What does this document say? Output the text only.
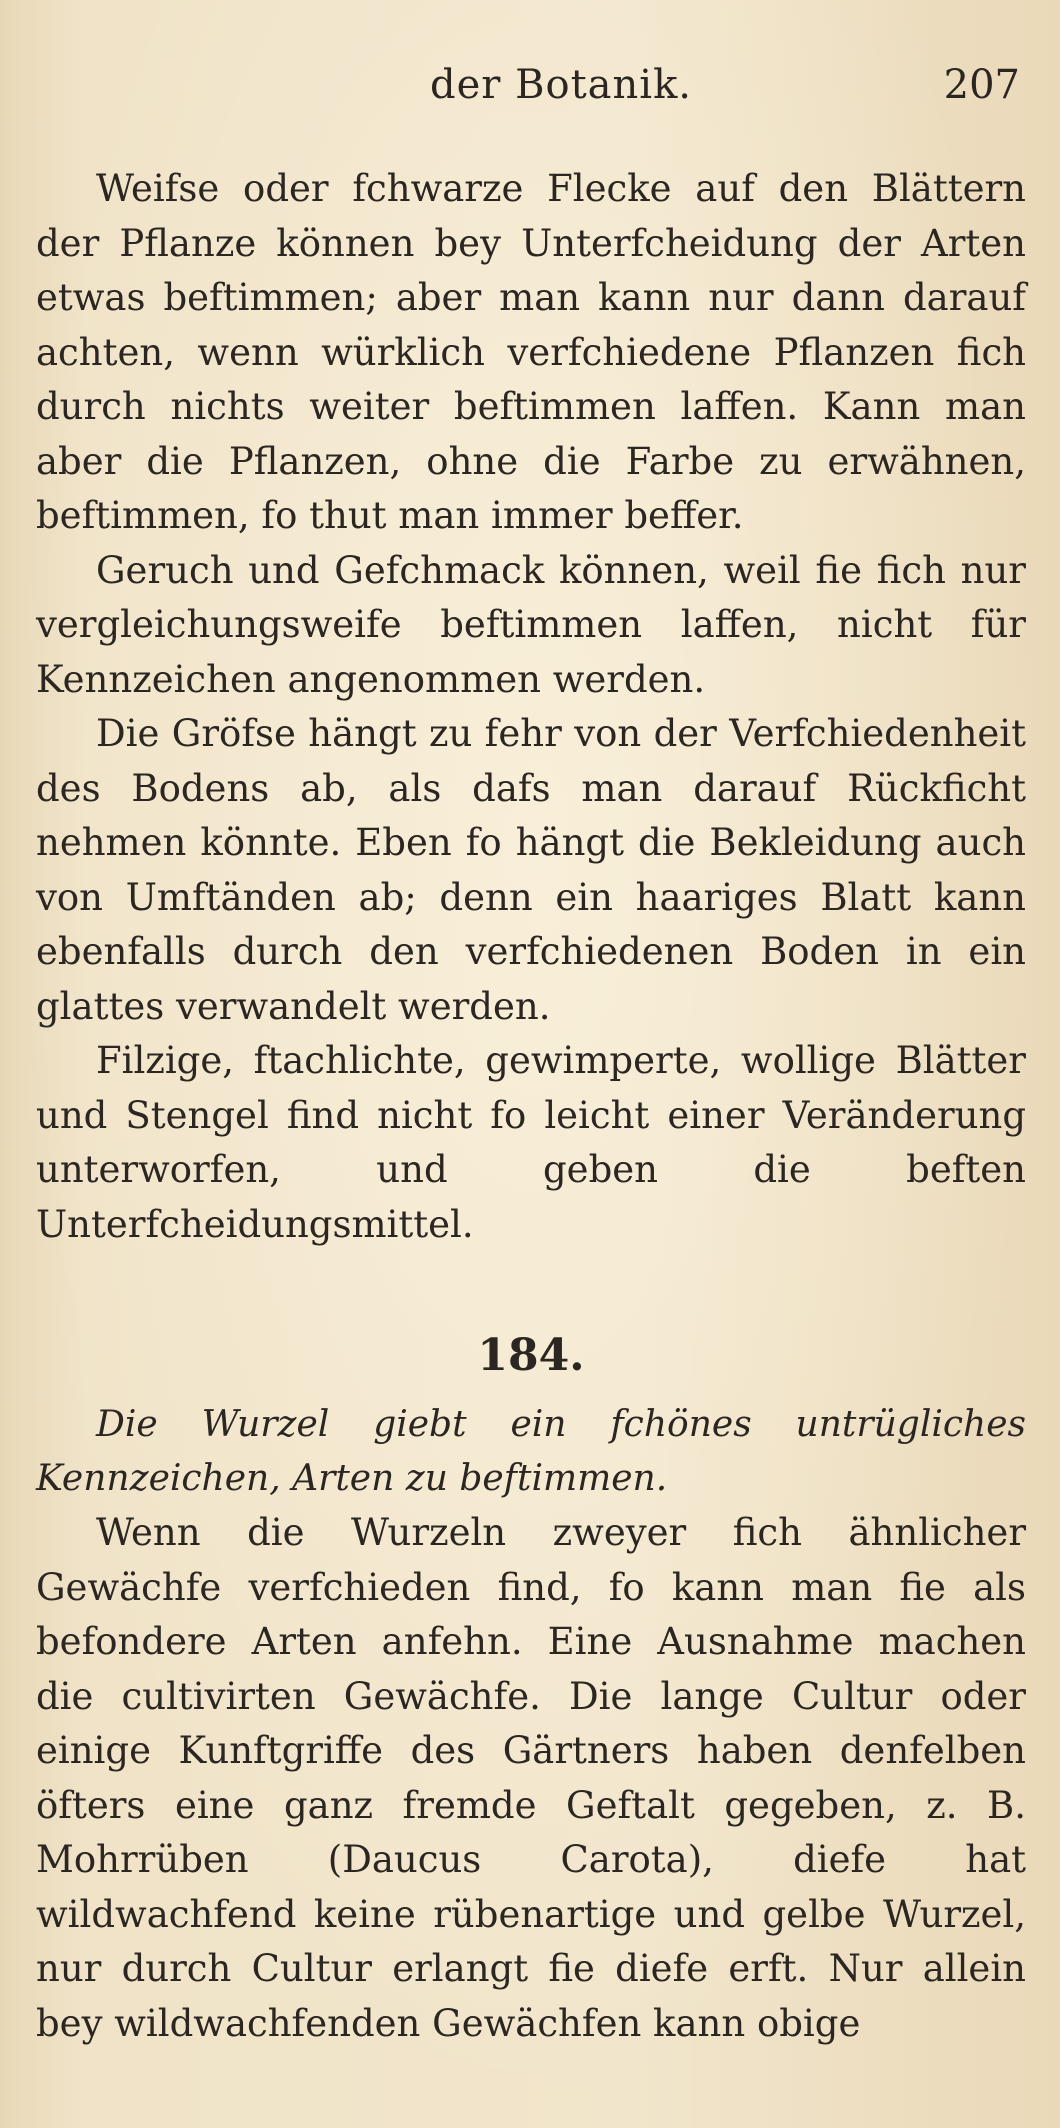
der Botanik.	207

Weifse oder fchwarze Flecke auf den Blättern der Pflanze können bey Unterfcheidung der Arten etwas beftimmen; aber man kann nur dann darauf achten, wenn würklich verfchiedene Pflanzen fich durch nichts weiter beftimmen laffen. Kann man aber die Pflanzen, ohne die Farbe zu erwähnen, beftimmen, fo thut man immer beffer.

Geruch und Gefchmack können, weil fie fich nur vergleichungsweife beftimmen laffen, nicht für Kennzeichen angenommen werden.

Die Gröfse hängt zu fehr von der Verfchiedenheit des Bodens ab, als dafs man darauf Rückficht nehmen könnte. Eben fo hängt die Bekleidung auch von Umftänden ab; denn ein haariges Blatt kann ebenfalls durch den verfchiedenen Boden in ein glattes verwandelt werden.

Filzige, ftachlichte, gewimperte, wollige Blätter und Stengel find nicht fo leicht einer Veränderung unterworfen, und geben die beften Unterfcheidungsmittel.

184.

Die Wurzel giebt ein fchönes untrügliches Kennzeichen, Arten zu beftimmen.

Wenn die Wurzeln zweyer fich ähnlicher Gewächfe verfchieden find, fo kann man fie als befondere Arten anfehn. Eine Ausnahme machen die cultivirten Gewächfe. Die lange Cultur oder einige Kunftgriffe des Gärtners haben denfelben öfters eine ganz fremde Geftalt gegeben, z. B. Mohrrüben (Daucus Carota), diefe hat wildwachfend keine rübenartige und gelbe Wurzel, nur durch Cultur erlangt fie diefe erft. Nur allein bey wildwachfenden Gewächfen kann obige
